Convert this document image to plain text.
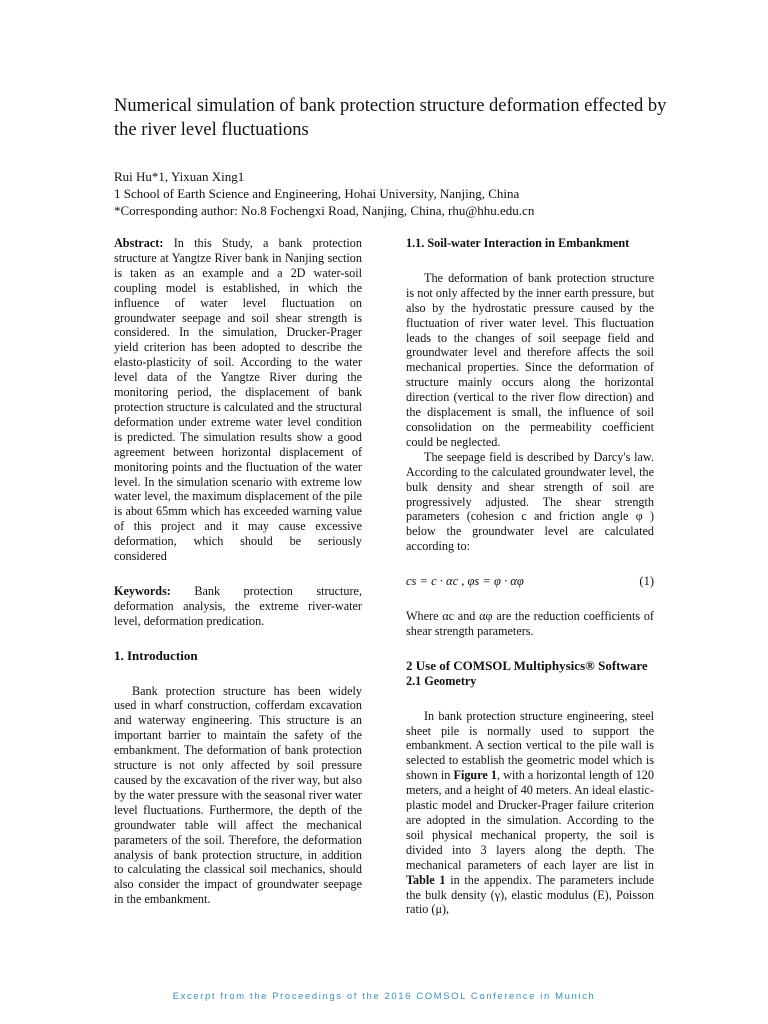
Numerical simulation of bank protection structure deformation effected by the river level fluctuations

Rui Hu*1, Yixuan Xing1

1 School of Earth Science and Engineering, Hohai University, Nanjing, China

*Corresponding author: No.8 Fochengxi Road, Nanjing, China, rhu@hhu.edu.cn

Abstract: In this Study, a bank protection structure at Yangtze River bank in Nanjing section is taken as an example and a 2D water-soil coupling model is established, in which the influence of water level fluctuation on groundwater seepage and soil shear strength is considered. In the simulation, Drucker-Prager yield criterion has been adopted to describe the elasto-plasticity of soil. According to the water level data of the Yangtze River during the monitoring period, the displacement of bank protection structure is calculated and the structural deformation under extreme water level condition is predicted. The simulation results show a good agreement between horizontal displacement of monitoring points and the fluctuation of the water level. In the simulation scenario with extreme low water level, the maximum displacement of the pile is about 65mm which has exceeded warning value of this project and it may cause excessive deformation, which should be seriously considered

Keywords: Bank protection structure, deformation analysis, the extreme river-water level, deformation predication.

1. Introduction

Bank protection structure has been widely used in wharf construction, cofferdam excavation and waterway engineering. This structure is an important barrier to maintain the safety of the embankment. The deformation of bank protection structure is not only affected by soil pressure caused by the excavation of the river way, but also by the water pressure with the seasonal river water level fluctuations. Furthermore, the depth of the groundwater table will affect the mechanical parameters of the soil. Therefore, the deformation analysis of bank protection structure, in addition to calculating the classical soil mechanics, should also consider the impact of groundwater seepage in the embankment.

1.1. Soil-water Interaction in Embankment

The deformation of bank protection structure is not only affected by the inner earth pressure, but also by the hydrostatic pressure caused by the fluctuation of river water level. This fluctuation leads to the changes of soil seepage field and groundwater level and therefore affects the soil mechanical properties. Since the deformation of structure mainly occurs along the horizontal direction (vertical to the river flow direction) and the displacement is small, the influence of soil consolidation on the permeability coefficient could be neglected.

The seepage field is described by Darcy's law. According to the calculated groundwater level, the bulk density and shear strength of soil are progressively adjusted. The shear strength parameters (cohesion c and friction angle φ ) below the groundwater level are calculated according to:

cs = c · αc , φs = φ · αφ	(1)

Where αc and αφ are the reduction coefficients of shear strength parameters.

2 Use of COMSOL Multiphysics® Software

2.1 Geometry

In bank protection structure engineering, steel sheet pile is normally used to support the embankment. A section vertical to the pile wall is selected to establish the geometric model which is shown in Figure 1, with a horizontal length of 120 meters, and a height of 40 meters. An ideal elastic-plastic model and Drucker-Prager failure criterion are adopted in the simulation. According to the soil physical mechanical property, the soil is divided into 3 layers along the depth. The mechanical parameters of each layer are list in Table 1 in the appendix. The parameters include the bulk density (γ), elastic modulus (E), Poisson ratio (μ),

Excerpt from the Proceedings of the 2016 COMSOL Conference in Munich
